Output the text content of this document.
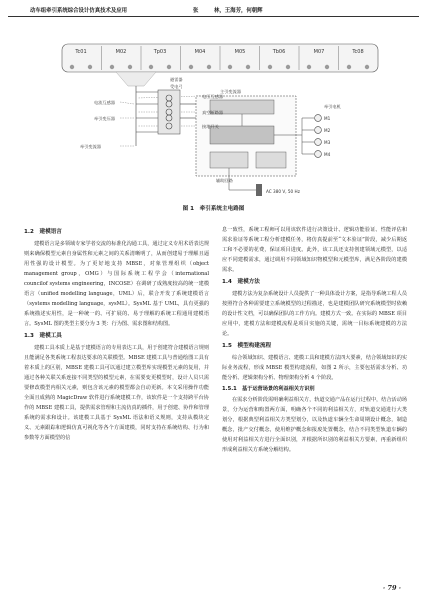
动车组牵引系统综合设计仿真技术及应用	张	林，王海芳，何朝辉
Tc01	M02	Tp03	M04	M05	Tb06	M07	Tc08
避雷器
受电弓
电压互感器
真空断路器
接地开关
电流互感器
牵引变压器
牵引变流器
主引变流器
牵引电机
M1
M2
M3
M4
辅助回路
AC 380 V, 50 Hz
图 1　牵引系统主电路图
1.2　建模语言

建模语言是多领域专家学者交流的标准化沟通工具，通过定义专用术语表达规则来确保模型元素自身属性和元素之间的关系清晰明了，从而创建易于理解且逼用性强的设计模型。为了更好地支持 MBSE，对象管理组织（object management group，OMG）与国际系统工程学会（international councilof systems engineering，INCOSE）在调研了成熟度较高的统一建模语言（unified modelling language，UML）后，联合开发了系统建模语言（systems modelling language，sysML）。SysML 基于 UML，具有更强的系统描述实用性，是一种统一的、可扩展的、易于理解的系统工程通用建模语言。SysML 图的类型主要分为 3 类：行为图、需求图和结构图。

1.3　建模工具

建模工具本质上是基于建模语言的专用表达工具，用于创建符合建模语言规则且能满足各类系统工程表达要求的关联模型。MBSE 建模工具与普通绘图工具有着本质上的区别，MBSE 建模工具可以通过建立模型库实现模型元素的复用，并通过各种关联关系连接不同类型的模型元素，在需要变更模型时，设计人员只需要修改模型内相关元素，则包含该元素的模型都会自动更新。本文采用操作功能全面且成熟的 MagicDraw 软件进行系统建模工作，该软件是一个支持跨平台协作的 MBSE 建模工具，提供需求管理和主流仿真的插件，用于创建、协作和管理系统的需求和设计。该建模工具基于 SysML 语法和语义规则，支持从模块定义、元素跟踪和逻辑仿真可视化等各个方面建模，同时支持在系统结构、行为和参数等方面模型的信

息一致性，系统工程师可以用该软件进行决策设计、逻辑功能验证、性能评估和需求验证等系统工程分析建模任务，将仿真提前至“文本验证”阶段，减少后期返工和不必要的花费，保证项目进度。此外，该工具还支持创建领域元模型，以适应不同建模需求，通过调用不同领域知识物模型和元模型库，满足各阶段的建模需求。

1.4　建模方法

建模方法为复杂系统设计人员提供了一种具体设计方案，是指导系统工程人员按照符合各种需要建立系统模型的过程描述，也是建模团队研究系统模型时依赖的设计性文档，可以确保团队的工作方向。建模方式一致。在实际的 MBSE 项目应用中，建模方法和建模流程是项目实施的关键，需统一目标系统建模的方法论。

1.5　模型构建流程

综合领域知识、建模语言、建模工具和建模方法四大要素，结合领域知识的实际业务流程，形成 MBSE 模型构建流程，如图 2 所示，主要包括需求分析、功能分析、逻辑架构分析、物理架构分析 4 个阶段。

1.5.1　基于运营场景的利益相关方识别

在需求分析阶段需明确利益相关方，轨道交通产品在运行过程中，结合活动场景，分为运营和购置两方面，明确各个不同的利益相关方，对轨道交通进行大类划分，根据典型利益相关方类型划分，以及轨道车辆全生命周期设计概念，制造概念，批产交付概念，使用维护概念和报废处置概念，结合不同类型轨道车辆的使用对利益相关方进行全面识别，并根据所识别的利益相关方要素，再重新组织形成利益相关方系统分解结构。

· 79 ·
